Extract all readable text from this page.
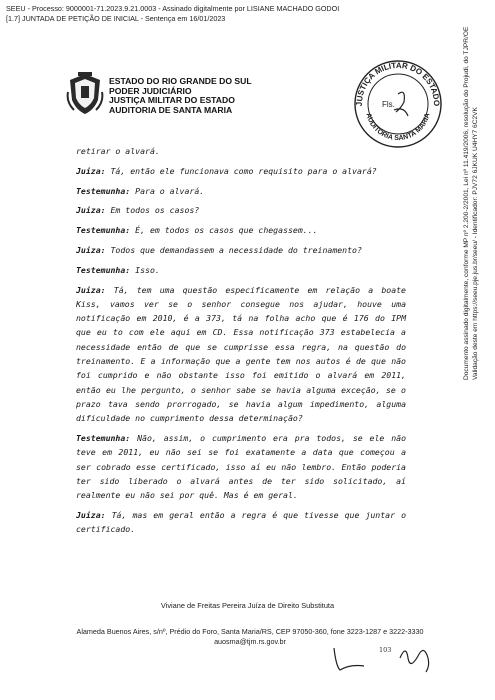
SEEU - Processo: 9000001-71.2023.9.21.0003 - Assinado digitalmente por LISIANE MACHADO GODOI
[1.7] JUNTADA DE PETIÇÃO DE INICIAL - Sentença em 16/01/2023
Documento assinado digitalmente, conforme MP nº 2.200-2/2001, Lei nº 11.419/2006, resolução do Projudi, do TJPR/OE Validação deste em https://seeu.pje.jus.br/seeu/ - Identificador: PJV72 6JKUK U4HY7 6C2VK
ESTADO DO RIO GRANDE DO SUL
PODER JUDICIÁRIO
JUSTIÇA MILITAR DO ESTADO
AUDITORIA DE SANTA MARIA
JUSTIÇA MILITAR DO ESTADO
AUDITORIA SANTA MARIA
Fls.

retirar o alvará.

Juiza: Tá, então ele funcionava como requisito para o alvará?

Testemunha: Para o alvará.

Juiza: Em todos os casos?

Testemunha: É, em todos os casos que chegassem...

Juiza: Todos que demandassem a necessidade do treinamento?

Testemunha: Isso.

Juiza: Tá, tem uma questão especificamente em relação a boate Kiss, vamos ver se o senhor consegue nos ajudar, houve uma notificação em 2010, é a 373, tá na folha acho que é 176 do IPM que eu to com ele aqui em CD. Essa notificação 373 estabelecia a necessidade então de que se cumprisse essa regra, na questão do treinamento. E a informação que a gente tem nos autos é de que não foi cumprido e não obstante isso foi emitido o alvará em 2011, então eu lhe pergunto, o senhor sabe se havia alguma exceção, se o prazo tava sendo prorrogado, se havia algum impedimento, alguma dificuldade no cumprimento dessa determinação?

Testemunha: Não, assim, o cumprimento era pra todos, se ele não teve em 2011, eu não sei se foi exatamente a data que começou a ser cobrado esse certificado, isso aí eu não lembro. Então poderia ter sido liberado o alvará antes de ter sido solicitado, aí realmente eu não sei por quê. Mas é em geral.

Juiza: Tá, mas em geral então a regra é que tivesse que juntar o certificado.

Viviane de Freitas Pereira Juíza de Direito Substituta
Alameda Buenos Aires, s/nº, Prédio do Foro, Santa Maria/RS, CEP 97050-360, fone 3223-1287 e 3222-3330
auosma@tjm.rs.gov.br
103
